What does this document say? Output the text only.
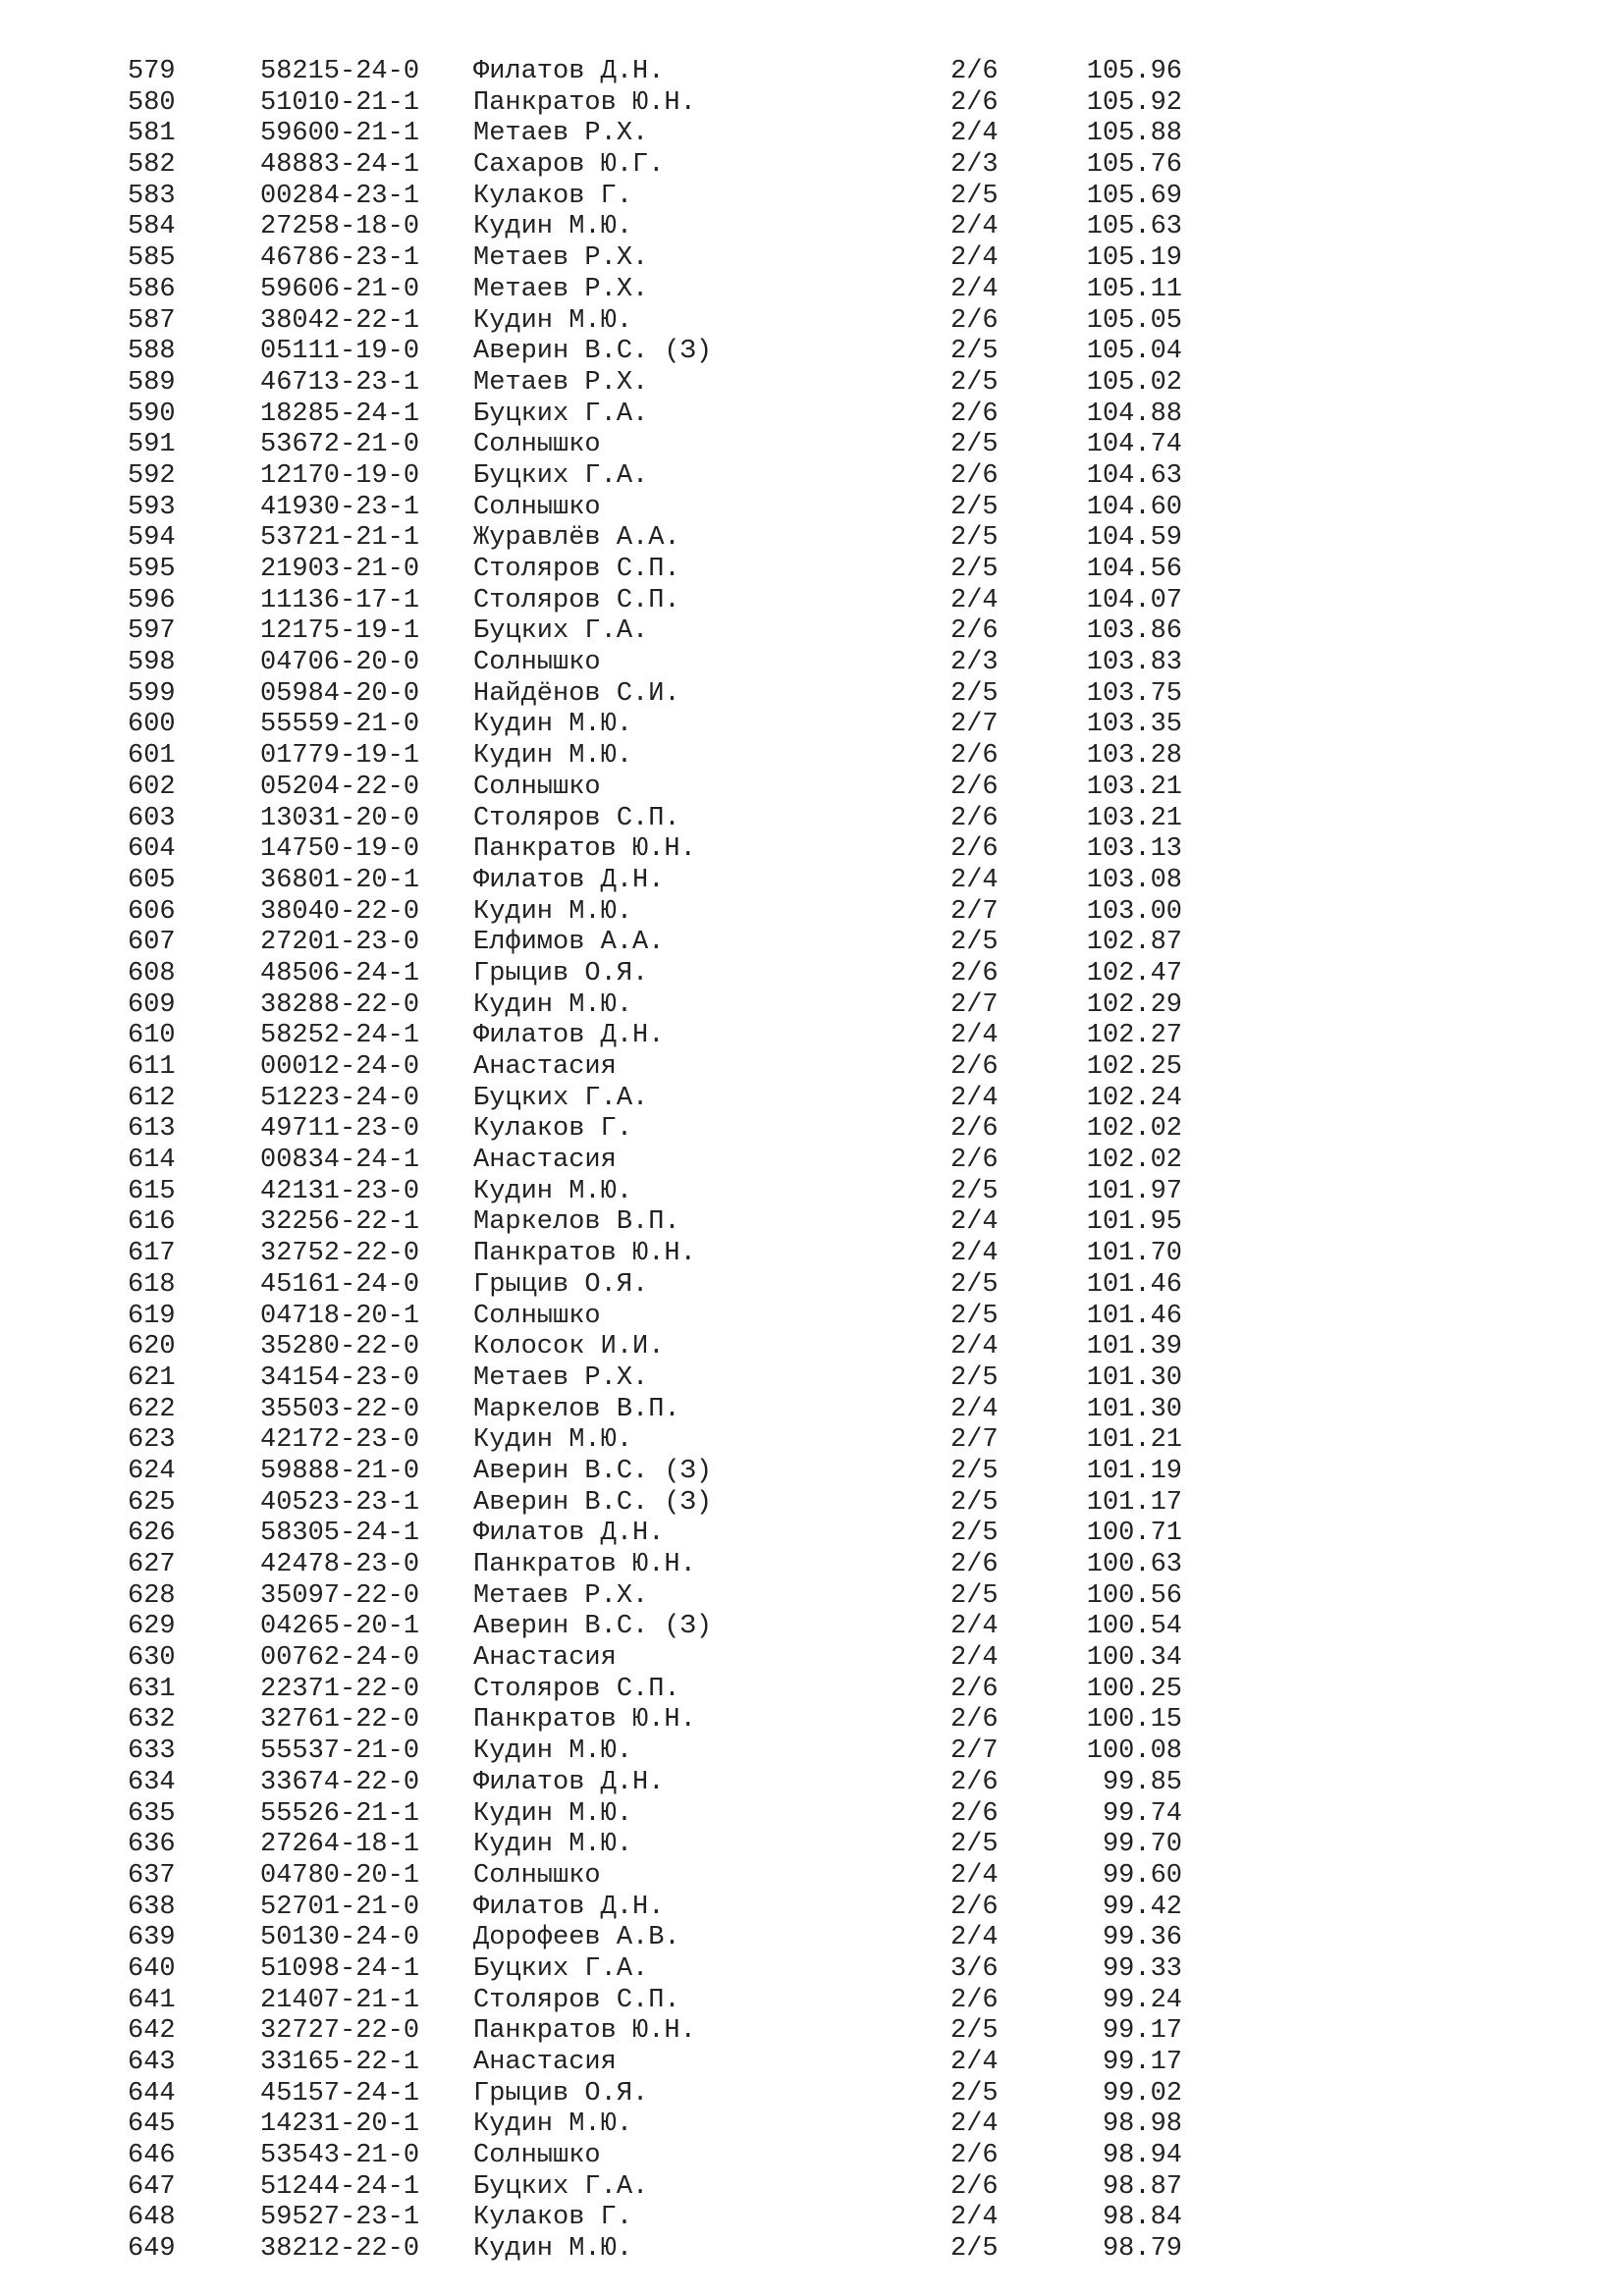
579	58215-24-0 Филатов Д.Н.	2/6	105.96
580	51010-21-1 Панкратов Ю.Н.	2/6	105.92
581	59600-21-1 Метаев Р.Х.	2/4	105.88
582	48883-24-1 Сахаров Ю.Г.	2/3	105.76
583	00284-23-1 Кулаков Г.	2/5	105.69
584	27258-18-0 Кудин М.Ю.	2/4	105.63
585	46786-23-1 Метаев Р.Х.	2/4	105.19
586	59606-21-0 Метаев Р.Х.	2/4	105.11
587	38042-22-1 Кудин М.Ю.	2/6	105.05
588	05111-19-0 Аверин В.С. (З)	2/5	105.04
589	46713-23-1 Метаев Р.Х.	2/5	105.02
590	18285-24-1 Буцких Г.А.	2/6	104.88
591	53672-21-0 Солнышко	2/5	104.74
592	12170-19-0 Буцких Г.А.	2/6	104.63
593	41930-23-1 Солнышко	2/5	104.60
594	53721-21-1 Журавлёв А.А.	2/5	104.59
595	21903-21-0 Столяров С.П.	2/5	104.56
596	11136-17-1 Столяров С.П.	2/4	104.07
597	12175-19-1 Буцких Г.А.	2/6	103.86
598	04706-20-0 Солнышко	2/3	103.83
599	05984-20-0 Найдёнов С.И.	2/5	103.75
600	55559-21-0 Кудин М.Ю.	2/7	103.35
601	01779-19-1 Кудин М.Ю.	2/6	103.28
602	05204-22-0 Солнышко	2/6	103.21
603	13031-20-0 Столяров С.П.	2/6	103.21
604	14750-19-0 Панкратов Ю.Н.	2/6	103.13
605	36801-20-1 Филатов Д.Н.	2/4	103.08
606	38040-22-0 Кудин М.Ю.	2/7	103.00
607	27201-23-0 Елфимов А.А.	2/5	102.87
608	48506-24-1 Грыцив О.Я.	2/6	102.47
609	38288-22-0 Кудин М.Ю.	2/7	102.29
610	58252-24-1 Филатов Д.Н.	2/4	102.27
611	00012-24-0 Анастасия	2/6	102.25
612	51223-24-0 Буцких Г.А.	2/4	102.24
613	49711-23-0 Кулаков Г.	2/6	102.02
614	00834-24-1 Анастасия	2/6	102.02
615	42131-23-0 Кудин М.Ю.	2/5	101.97
616	32256-22-1 Маркелов В.П.	2/4	101.95
617	32752-22-0 Панкратов Ю.Н.	2/4	101.70
618	45161-24-0 Грыцив О.Я.	2/5	101.46
619	04718-20-1 Солнышко	2/5	101.46
620	35280-22-0 Колосок И.И.	2/4	101.39
621	34154-23-0 Метаев Р.Х.	2/5	101.30
622	35503-22-0 Маркелов В.П.	2/4	101.30
623	42172-23-0 Кудин М.Ю.	2/7	101.21
624	59888-21-0 Аверин В.С. (З)	2/5	101.19
625	40523-23-1 Аверин В.С. (З)	2/5	101.17
626	58305-24-1 Филатов Д.Н.	2/5	100.71
627	42478-23-0 Панкратов Ю.Н.	2/6	100.63
628	35097-22-0 Метаев Р.Х.	2/5	100.56
629	04265-20-1 Аверин В.С. (З)	2/4	100.54
630	00762-24-0 Анастасия	2/4	100.34
631	22371-22-0 Столяров С.П.	2/6	100.25
632	32761-22-0 Панкратов Ю.Н.	2/6	100.15
633	55537-21-0 Кудин М.Ю.	2/7	100.08
634	33674-22-0 Филатов Д.Н.	2/6	99.85
635	55526-21-1 Кудин М.Ю.	2/6	99.74
636	27264-18-1 Кудин М.Ю.	2/5	99.70
637	04780-20-1 Солнышко	2/4	99.60
638	52701-21-0 Филатов Д.Н.	2/6	99.42
639	50130-24-0 Дорофеев А.В.	2/4	99.36
640	51098-24-1 Буцких Г.А.	3/6	99.33
641	21407-21-1 Столяров С.П.	2/6	99.24
642	32727-22-0 Панкратов Ю.Н.	2/5	99.17
643	33165-22-1 Анастасия	2/4	99.17
644	45157-24-1 Грыцив О.Я.	2/5	99.02
645	14231-20-1 Кудин М.Ю.	2/4	98.98
646	53543-21-0 Солнышко	2/6	98.94
647	51244-24-1 Буцких Г.А.	2/6	98.87
648	59527-23-1 Кулаков Г.	2/4	98.84
649	38212-22-0 Кудин М.Ю.	2/5	98.79
